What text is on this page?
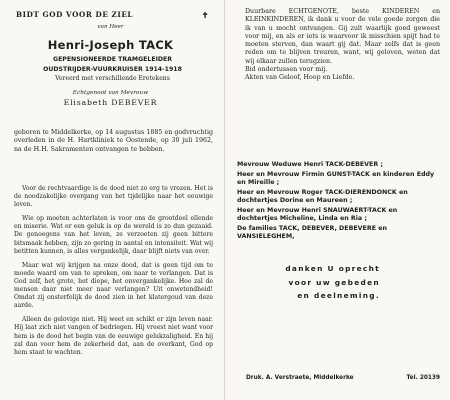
BIDT GOD VOOR DE ZIEL	✝
van Heer
Henri-Joseph TACK
GEPENSIONEERDE TRAMGELEIDER
OUDSTRIJDER-VUURKRUISER 1914-1918
Vereerd met verschillende Eretekens
Echtgenoot van Mevrouw
Elisabeth DEBEVER
geboren te Middelkerke, op 14 augustus 1885 en godvruchtig overleden in de H. Hartkliniek te Oostende, op 30 juli 1962, na de H.H. Sakramenten ontvangen te hebben.

Voor de rechtvaardige is de dood niet zo erg te vrezen. Het is de noodzakelijke overgang van het tijdelijke naar het eeuwige leven.

Wie op moeten achterlaten is voor ons de grootdeel ellende en miserie. Wat er een geluk is op de wereld is zo dun gezaaid. De genoegens van het leven, ze verzoeten zij geen bittere bitsmaak hebben, zijn zo gering in aantal en intensiteit. Wat wij betitten kunnen, is alles vergankelijk, daar blijft niets van over.

Maar wat wij krijgen na onze dood, dat is geen tijd om te moede waard om van te spreken, om naar te verlangen. Dat is God zelf, het grote, het diepe, het onvergankelijke. Hoe zal de mensen daar niet meer naar verlangen? Uit onwetendheid! Omdat zij onsterfelijk de dood zien in het klatergoud van deze aarde.

Alleen de gelovige niet. Hij weet en schikt er zijn leven naar. Hij laat zich niet vangen of bedriegen. Hij vreest niet want voor hem is de dood het begin van de eeuwige gelukzaligheid. En hij zal dan voor hem de zekerheid dat, aan de overkant, God op hem staat te wachten.

Duurbare ECHTGENOTE, beste KINDEREN en KLEINKINDEREN, ik dank u voor de vele goede zorgen die ik van u mocht ontvangen. Gij zult waarlijk goed geweest voor mij, en als er iets is waarvoor ik misschien spijt had te moeten sterven, dan waart gij dat. Maar zelfs dat is geen reden om te blijven treuren, want, wij geloven, weten dat wij elkaar zullen terugzien.

Bid ondertussen voor mij.

Akten van Geloof, Hoop en Liefde.

Mevrouw Weduwe Henri TACK-DEBEVER ;

Heer en Mevrouw Firmin GUNST-TACK en kinderen Eddy en Mireille ;

Heer en Mevrouw Roger TACK-DIERENDONCK en dochtertjes Dorine en Maureen ;

Heer en Mevrouw Henri SNAUWAERT-TACK en dochtertjes Micheline, Linda en Ria ;

De families TACK, DEBEVER, DEBEVERE en VANSIELEGHEM,

danken U oprecht
voor uw gebeden
en deelneming.
Druk. A. Verstraete, Middelkerke	Tel. 20139
